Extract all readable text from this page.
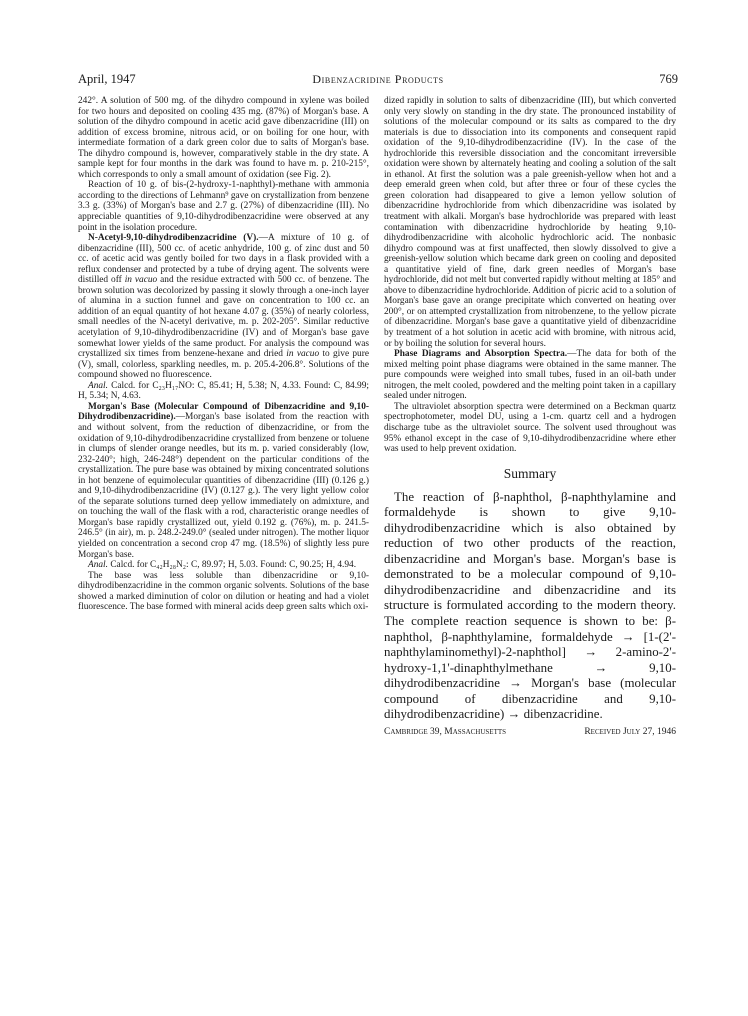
April, 1947	Dibenzacridine Products	769

242°. A solution of 500 mg. of the dihydro compound in xylene was boiled for two hours and deposited on cooling 435 mg. (87%) of Morgan's base. A solution of the dihydro compound in acetic acid gave dibenzacridine (III) on addition of excess bromine, nitrous acid, or on boiling for one hour, with intermediate formation of a dark green color due to salts of Morgan's base. The dihydro compound is, however, comparatively stable in the dry state. A sample kept for four months in the dark was found to have m. p. 210-215°, which corresponds to only a small amount of oxidation (see Fig. 2).

Reaction of 10 g. of bis-(2-hydroxy-1-naphthyl)-methane with ammonia according to the directions of Lehmann⁹ gave on crystallization from benzene 3.3 g. (33%) of Morgan's base and 2.7 g. (27%) of dibenzacridine (III). No appreciable quantities of 9,10-dihydrodibenzacridine were observed at any point in the isolation procedure.

N-Acetyl-9,10-dihydrodibenzacridine (V).—A mixture of 10 g. of dibenzacridine (III), 500 cc. of acetic anhydride, 100 g. of zinc dust and 50 cc. of acetic acid was gently boiled for two days in a flask provided with a reflux condenser and protected by a tube of drying agent. The solvents were distilled off in vacuo and the residue extracted with 500 cc. of benzene. The brown solution was decolorized by passing it slowly through a one-inch layer of alumina in a suction funnel and gave on concentration to 100 cc. an addition of an equal quantity of hot hexane 4.07 g. (35%) of nearly colorless, small needles of the N-acetyl derivative, m. p. 202-205°. Similar reductive acetylation of 9,10-dihydrodibenzacridine (IV) and of Morgan's base gave somewhat lower yields of the same product. For analysis the compound was crystallized six times from benzene-hexane and dried in vacuo to give pure (V), small, colorless, sparkling needles, m. p. 205.4-206.8°. Solutions of the compound showed no fluorescence.

Anal. Calcd. for C₂₃H₁₇NO: C, 85.41; H, 5.38; N, 4.33. Found: C, 84.99; H, 5.34; N, 4.63.

Morgan's Base (Molecular Compound of Dibenzacridine and 9,10-Dihydrodibenzacridine).—Morgan's base isolated from the reaction with and without solvent, from the reduction of dibenzacridine, or from the oxidation of 9,10-dihydrodibenzacridine crystallized from benzene or toluene in clumps of slender orange needles, but its m. p. varied considerably (low, 232-240°; high, 246-248°) dependent on the particular conditions of the crystallization. The pure base was obtained by mixing concentrated solutions in hot benzene of equimolecular quantities of dibenzacridine (III) (0.126 g.) and 9,10-dihydrodibenzacridine (IV) (0.127 g.). The very light yellow color of the separate solutions turned deep yellow immediately on admixture, and on touching the wall of the flask with a rod, characteristic orange needles of Morgan's base rapidly crystallized out, yield 0.192 g. (76%), m. p. 241.5-246.5° (in air), m. p. 248.2-249.0° (sealed under nitrogen). The mother liquor yielded on concentration a second crop 47 mg. (18.5%) of slightly less pure Morgan's base.

Anal. Calcd. for C₄₂H₂₈N₂: C, 89.97; H, 5.03. Found: C, 90.25; H, 4.94.

The base was less soluble than dibenzacridine or 9,10-dihydrodibenzacridine in the common organic solvents. Solutions of the base showed a marked diminution of color on dilution or heating and had a violet fluorescence. The base formed with mineral acids deep green salts which oxi-

dized rapidly in solution to salts of dibenzacridine (III), but which converted only very slowly on standing in the dry state. The pronounced instability of solutions of the molecular compound or its salts as compared to the dry materials is due to dissociation into its components and consequent rapid oxidation of the 9,10-dihydrodibenzacridine (IV). In the case of the hydrochloride this reversible dissociation and the concomitant irreversible oxidation were shown by alternately heating and cooling a solution of the salt in ethanol. At first the solution was a pale greenish-yellow when hot and a deep emerald green when cold, but after three or four of these cycles the green coloration had disappeared to give a lemon yellow solution of dibenzacridine hydrochloride from which dibenzacridine was isolated by treatment with alkali. Morgan's base hydrochloride was prepared with least contamination with dibenzacridine hydrochloride by heating 9,10-dihydrodibenzacridine with alcoholic hydrochloric acid. The nonbasic dihydro compound was at first unaffected, then slowly dissolved to give a greenish-yellow solution which became dark green on cooling and deposited a quantitative yield of fine, dark green needles of Morgan's base hydrochloride, did not melt but converted rapidly without melting at 185° and above to dibenzacridine hydrochloride. Addition of picric acid to a solution of Morgan's base gave an orange precipitate which converted on heating over 200°, or on attempted crystallization from nitrobenzene, to the yellow picrate of dibenzacridine. Morgan's base gave a quantitative yield of dibenzacridine by treatment of a hot solution in acetic acid with bromine, with nitrous acid, or by boiling the solution for several hours.

Phase Diagrams and Absorption Spectra.—The data for both of the mixed melting point phase diagrams were obtained in the same manner. The pure compounds were weighed into small tubes, fused in an oil-bath under nitrogen, the melt cooled, powdered and the melting point taken in a capillary sealed under nitrogen.

The ultraviolet absorption spectra were determined on a Beckman quartz spectrophotometer, model DU, using a 1-cm. quartz cell and a hydrogen discharge tube as the ultraviolet source. The solvent used throughout was 95% ethanol except in the case of 9,10-dihydrodibenzacridine where ether was used to help prevent oxidation.

Summary

The reaction of β-naphthol, β-naphthylamine and formaldehyde is shown to give 9,10-dihydrodibenzacridine which is also obtained by reduction of two other products of the reaction, dibenzacridine and Morgan's base. Morgan's base is demonstrated to be a molecular compound of 9,10-dihydrodibenzacridine and dibenzacridine and its structure is formulated according to the modern theory. The complete reaction sequence is shown to be: β-naphthol, β-naphthylamine, formaldehyde → [1-(2'-naphthylaminomethyl)-2-naphthol] → 2-amino-2'-hydroxy-1,1'-dinaphthylmethane → 9,10-dihydrodibenzacridine → Morgan's base (molecular compound of dibenzacridine and 9,10-dihydrodibenzacridine) → dibenzacridine.

Cambridge 39, Massachusetts	Received July 27, 1946
